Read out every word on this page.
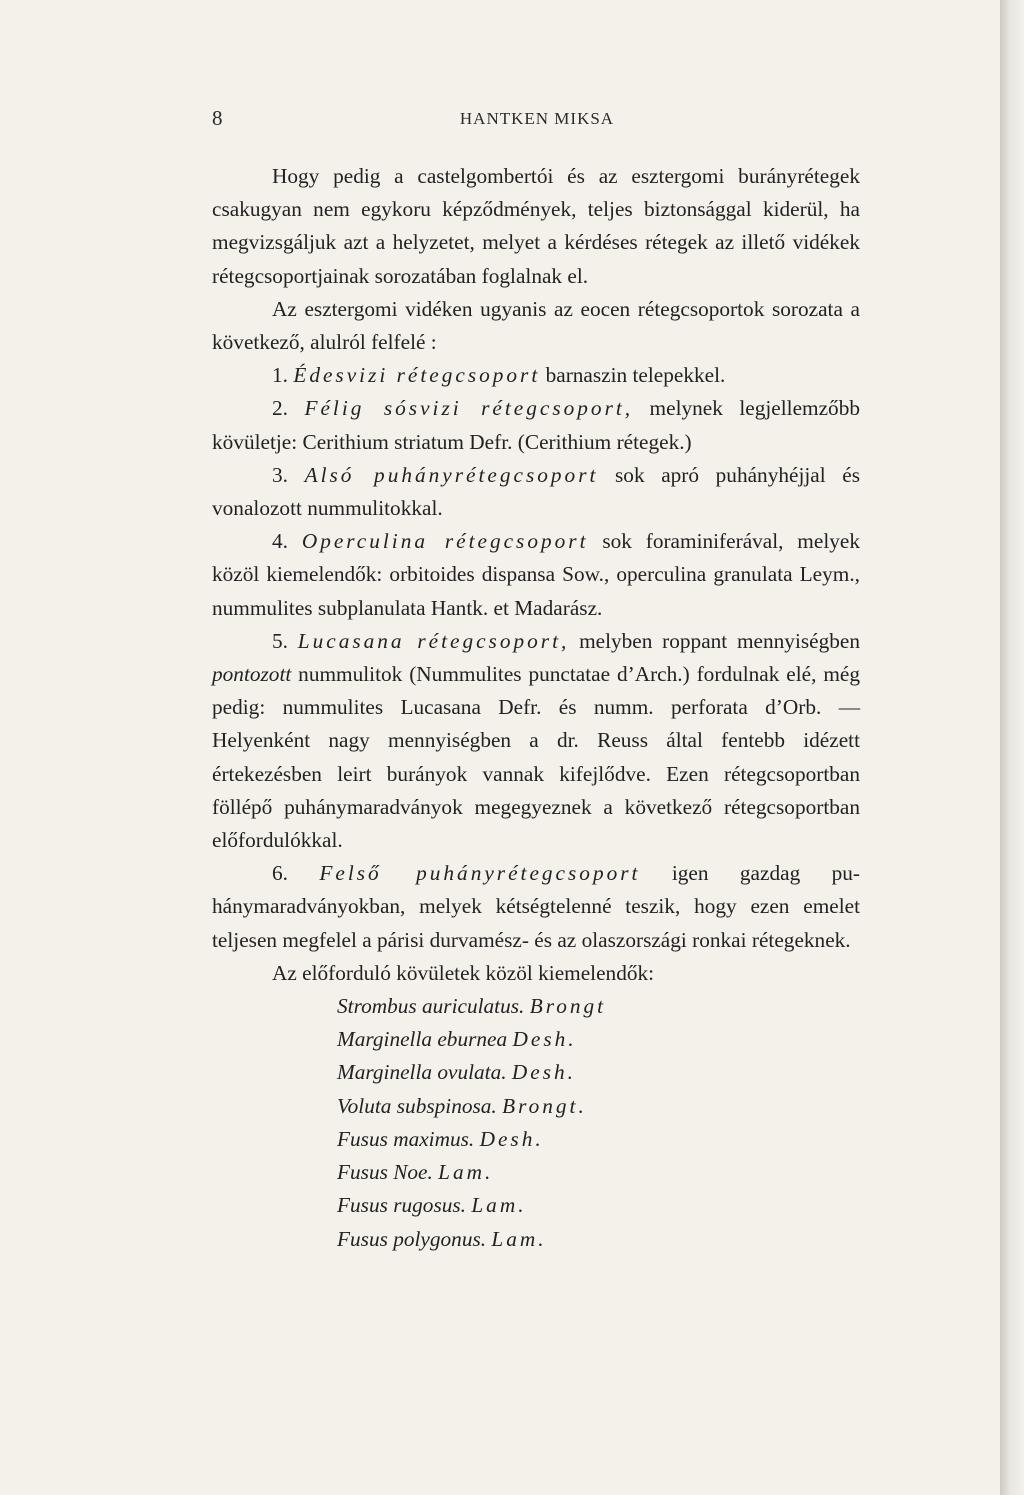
8	HANTKEN MIKSA

Hogy pedig a castelgombertói és az esztergomi burányrétegek csakugyan nem egykoru képződmények, teljes biztonsággal kiderül, ha megvizsgáljuk azt a helyzetet, melyet a kérdéses rétegek az illető vidékek rétegcsoportjainak sorozatában foglalnak el.

Az esztergomi vidéken ugyanis az eocen rétegcsoportok sorozata a következő, alulról felfelé :

1. Édesvizi rétegcsoport barnaszin telepekkel.

2. Félig sósvizi rétegcsoport, melynek legjellemzőbb kövületje: Cerithium striatum Defr. (Cerithium rétegek.)

3. Alsó puhányrétegcsoport sok apró puhányhéjjal és vonalozott nummulitokkal.

4. Operculina rétegcsoport sok foraminiferával, melyek közöl kiemelendők: orbitoides dispansa Sow., operculina granulata Leym., nummulites subplanulata Hantk. et Madarász.

5. Lucasana rétegcsoport, melyben roppant mennyiségben pontozott nummulitok (Nummulites punctatae d’Arch.) fordulnak elé, még pedig: nummulites Lucasana Defr. és numm. perforata d’Orb. — Helyenként nagy mennyiségben a dr. Reuss által fentebb idézett értekezésben leirt burányok vannak kifejlődve. Ezen rétegcsoportban föllépő puhánymaradványok megegyeznek a következő rétegcsoportban előfordulókkal.

6. Felső puhányrétegcsoport igen gazdag puhánymaradványokban, melyek kétségtelenné teszik, hogy ezen emelet teljesen megfelel a párisi durvamész- és az olaszországi ronkai rétegeknek.

Az előforduló kövületek közöl kiemelendők:

Strombus auriculatus. Brongt
Marginella eburnea Desh.
Marginella ovulata. Desh.
Voluta subspinosa. Brongt.
Fusus maximus. Desh.
Fusus Noe. Lam.
Fusus rugosus. Lam.
Fusus polygonus. Lam.
